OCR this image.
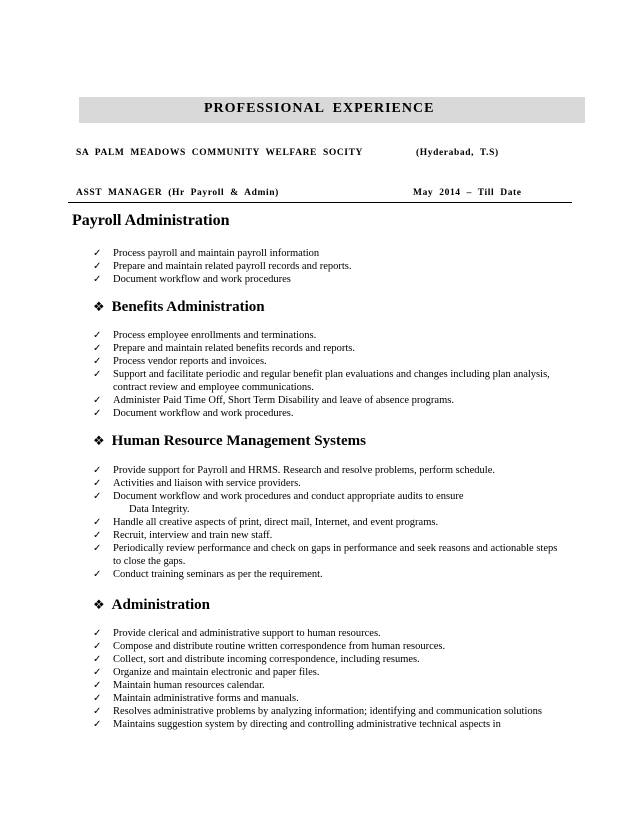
PROFESSIONAL EXPERIENCE
SA PALM MEADOWS COMMUNITY WELFARE SOCITY	(Hyderabad, T.S)
ASST MANAGER (Hr Payroll & Admin)	May 2014 – Till Date
Payroll Administration
✓ Process payroll and maintain payroll information
✓ Prepare and maintain related payroll records and reports.
✓ Document workflow and work procedures
❖ Benefits Administration
✓ Process employee enrollments and terminations.
✓ Prepare and maintain related benefits records and reports.
✓ Process vendor reports and invoices.
✓ Support and facilitate periodic and regular benefit plan evaluations and changes including plan analysis, contract review and employee communications.
✓ Administer Paid Time Off, Short Term Disability and leave of absence programs.
✓ Document workflow and work procedures.
❖ Human Resource Management Systems
✓ Provide support for Payroll and HRMS. Research and resolve problems, perform schedule.
✓ Activities and liaison with service providers.
✓ Document workflow and work procedures and conduct appropriate audits to ensure
Data Integrity.
✓ Handle all creative aspects of print, direct mail, Internet, and event programs.
✓ Recruit, interview and train new staff.
✓ Periodically review performance and check on gaps in performance and seek reasons and actionable steps to close the gaps.
✓ Conduct training seminars as per the requirement.
❖ Administration
✓ Provide clerical and administrative support to human resources.
✓ Compose and distribute routine written correspondence from human resources.
✓ Collect, sort and distribute incoming correspondence, including resumes.
✓ Organize and maintain electronic and paper files.
✓ Maintain human resources calendar.
✓ Maintain administrative forms and manuals.
✓ Resolves administrative problems by analyzing information; identifying and communication solutions
✓ Maintains suggestion system by directing and controlling administrative technical aspects in
